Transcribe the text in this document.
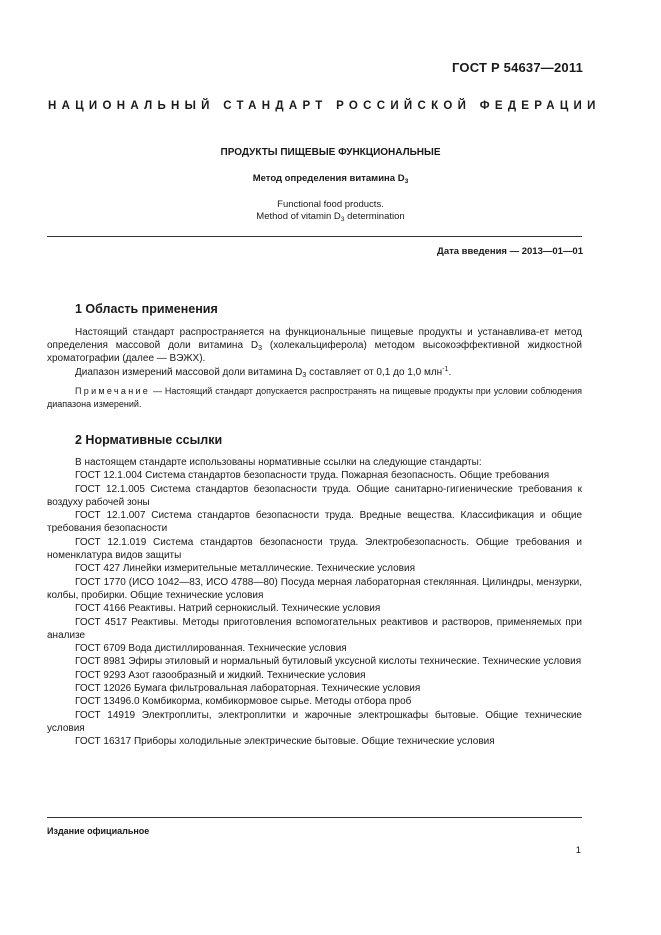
ГОСТ Р 54637—2011
НАЦИОНАЛЬНЫЙ СТАНДАРТ РОССИЙСКОЙ ФЕДЕРАЦИИ
ПРОДУКТЫ ПИЩЕВЫЕ ФУНКЦИОНАЛЬНЫЕ
Метод определения витамина $D_3$
Functional food products.
Method of vitamin $D_3$ determination
Дата введения — 2013—01—01
1 Область применения

Настоящий стандарт распространяется на функциональные пищевые продукты и устанавлива-ет метод определения массовой доли витамина $D_3$ (холекальциферола) методом высокоэффективной жидкостной хроматографии (далее — ВЭЖХ).

Диапазон измерений массовой доли витамина $D_3$ составляет от 0,1 до 1,0 млн$^{-1}$.

Примечание — Настоящий стандарт допускается распространять на пищевые продукты при условии соблюдения диапазона измерений.

2 Нормативные ссылки
В настоящем стандарте использованы нормативные ссылки на следующие стандарты:
ГОСТ 12.1.004 Система стандартов безопасности труда. Пожарная безопасность. Общие требования
ГОСТ 12.1.005 Система стандартов безопасности труда. Общие санитарно-гигиенические требования к воздуху рабочей зоны
ГОСТ 12.1.007 Система стандартов безопасности труда. Вредные вещества. Классификация и общие требования безопасности
ГОСТ 12.1.019 Система стандартов безопасности труда. Электробезопасность. Общие требования и номенклатура видов защиты
ГОСТ 427 Линейки измерительные металлические. Технические условия
ГОСТ 1770 (ИСО 1042—83, ИСО 4788—80) Посуда мерная лабораторная стеклянная. Цилиндры, мензурки, колбы, пробирки. Общие технические условия
ГОСТ 4166 Реактивы. Натрий сернокислый. Технические условия
ГОСТ 4517 Реактивы. Методы приготовления вспомогательных реактивов и растворов, применяемых при анализе
ГОСТ 6709 Вода дистиллированная. Технические условия
ГОСТ 8981 Эфиры этиловый и нормальный бутиловый уксусной кислоты технические. Технические условия
ГОСТ 9293 Азот газообразный и жидкий. Технические условия
ГОСТ 12026 Бумага фильтровальная лабораторная. Технические условия
ГОСТ 13496.0 Комбикорма, комбикормовое сырье. Методы отбора проб
ГОСТ 14919 Электроплиты, электроплитки и жарочные электрошкафы бытовые. Общие технические условия
ГОСТ 16317 Приборы холодильные электрические бытовые. Общие технические условия
Издание официальное
1
